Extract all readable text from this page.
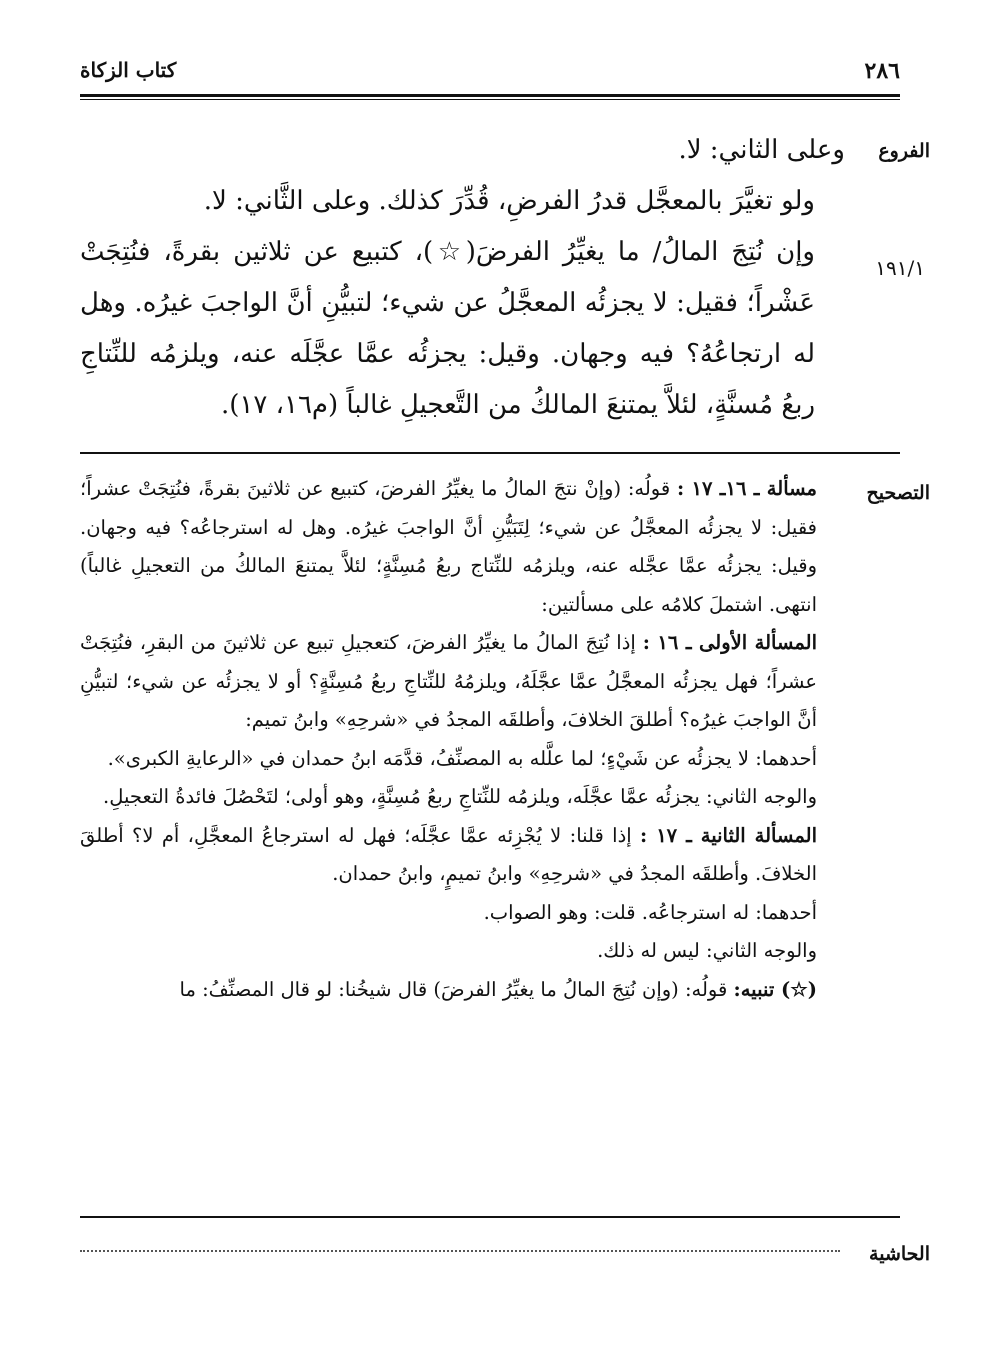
٢٨٦
كتاب الزكاة
الفروع
١٩١/١

وعلى الثاني: لا.

ولو تغيَّرَ بالمعجَّل قدرُ الفرضِ، قُدِّرَ كذلك. وعلى الثَّاني: لا.

وإن نُتِجَ المالُ/ ما يغيِّرُ الفرضَ(☆)، كتبيع عن ثلاثين بقرةً، فنُتِجَتْ عَشْراً؛ فقيل: لا يجزئُه المعجَّلُ عن شيء؛ لتبيُّنِ أنَّ الواجبَ غيرُه. وهل له ارتجاعُهُ؟ فيه وجهان. وقيل: يجزئُه عمَّا عجَّلَه عنه، ويلزمُه للنِّتاجِ ربعُ مُسنَّةٍ، لئلاَّ يمتنعَ المالكُ من التَّعجيلِ غالباً (م١٦، ١٧).

التصحيح

مسألة ـ ١٦ـ ١٧ : قولُه: (وإنْ نتجَ المالُ ما يغيِّرُ الفرضَ، كتبيع عن ثلاثينَ بقرةً، فنُتِجَتْ عشراً؛ فقيل: لا يجزئُه المعجَّلُ عن شيء؛ لِتَبَيُّنِ أنَّ الواجبَ غيرُه. وهل له استرجاعُه؟ فيه وجهان. وقيل: يجزئُه عمَّا عجَّله عنه، ويلزمُه للنِّتاج ربعُ مُسِنَّةٍ؛ لئلاَّ يمتنعَ المالكُ من التعجيلِ غالباً) انتهى. اشتملَ كلامُه على مسألتين:

المسألة الأولى ـ ١٦ : إذا نُتِجَ المالُ ما يغيِّرُ الفرضَ، كتعجيلِ تبيع عن ثلاثينَ من البقرِ، فنُتِجَتْ عشراً؛ فهل يجزئُه المعجَّلُ عمَّا عجَّلَهُ، ويلزمُهُ للنِّتاجِ ربعُ مُسِنَّةٍ؟ أو لا يجزئُه عن شيء؛ لتبيُّنِ أنَّ الواجبَ غيرُه؟ أطلقَ الخلافَ، وأطلقَه المجدُ في «شرحِهِ» وابنُ تميم:

أحدهما: لا يجزئُه عن شَيْءٍ؛ لما علَّله به المصنِّفُ، قدَّمَه ابنُ حمدان في «الرعايةِ الكبرى».

والوجه الثاني: يجزئُه عمَّا عجَّلَه، ويلزمُه للنِّتاجِ ربعُ مُسِنَّةٍ، وهو أولى؛ لتَحْصُلَ فائدةُ التعجيلِ.

المسألة الثانية ـ ١٧ : إذا قلنا: لا يُجْزِئه عمَّا عجَّلَه؛ فهل له استرجاعُ المعجَّلِ، أم لا؟ أطلقَ الخلافَ. وأطلقَه المجدُ في «شرحِهِ» وابنُ تميمٍ، وابنُ حمدان.

أحدهما: له استرجاعُه. قلت: وهو الصواب.

والوجه الثاني: ليس له ذلك.

(☆) تنبيه: قولُه: (وإن نُتِجَ المالُ ما يغيِّرُ الفرضَ) قال شيخُنا: لو قال المصنِّفُ: ما

الحاشية
